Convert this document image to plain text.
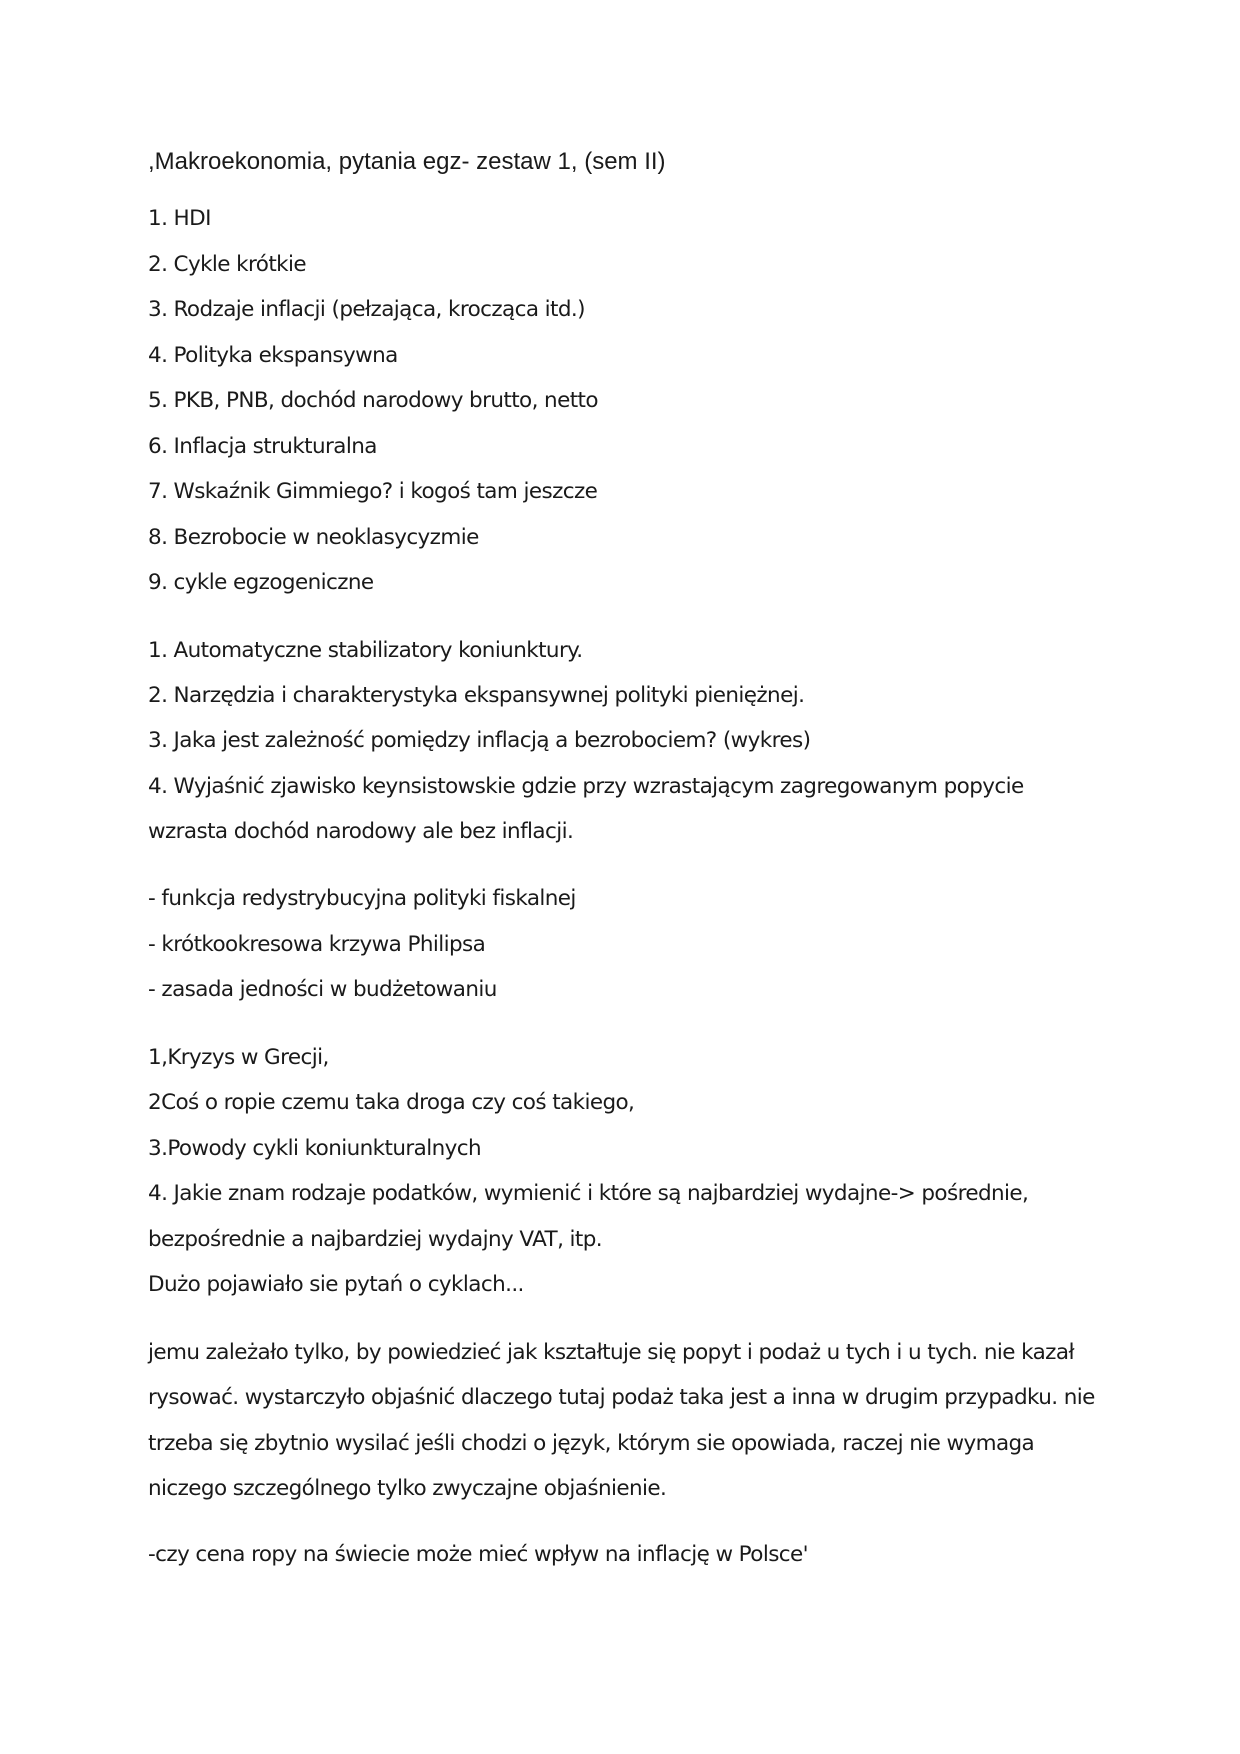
,Makroekonomia, pytania egz- zestaw 1, (sem II)
1. HDI
2. Cykle krótkie
3. Rodzaje inflacji (pełzająca, krocząca itd.)
4. Polityka ekspansywna
5. PKB, PNB, dochód narodowy brutto, netto
6. Inflacja strukturalna
7. Wskaźnik Gimmiego? i kogoś tam jeszcze
8. Bezrobocie w neoklasycyzmie
9. cykle egzogeniczne
1. Automatyczne stabilizatory koniunktury.
2. Narzędzia i charakterystyka ekspansywnej polityki pieniężnej.
3. Jaka jest zależność pomiędzy inflacją a bezrobociem? (wykres)
4. Wyjaśnić zjawisko keynsistowskie gdzie przy wzrastającym zagregowanym popycie
wzrasta dochód narodowy ale bez inflacji.
- funkcja redystrybucyjna polityki fiskalnej
- krótkookresowa krzywa Philipsa
- zasada jedności w budżetowaniu
1,Kryzys w Grecji,
2Coś o ropie czemu taka droga czy coś takiego,
3.Powody cykli koniunkturalnych
4. Jakie znam rodzaje podatków, wymienić i które są najbardziej wydajne-> pośrednie,
bezpośrednie a najbardziej wydajny VAT, itp.
Dużo pojawiało sie pytań o cyklach...
jemu zależało tylko, by powiedzieć jak kształtuje się popyt i podaż u tych i u tych. nie kazał
rysować. wystarczyło objaśnić dlaczego tutaj podaż taka jest a inna w drugim przypadku. nie
trzeba się zbytnio wysilać jeśli chodzi o język, którym sie opowiada, raczej nie wymaga
niczego szczególnego tylko zwyczajne objaśnienie.
-czy cena ropy na świecie może mieć wpływ na inflację w Polsce'
